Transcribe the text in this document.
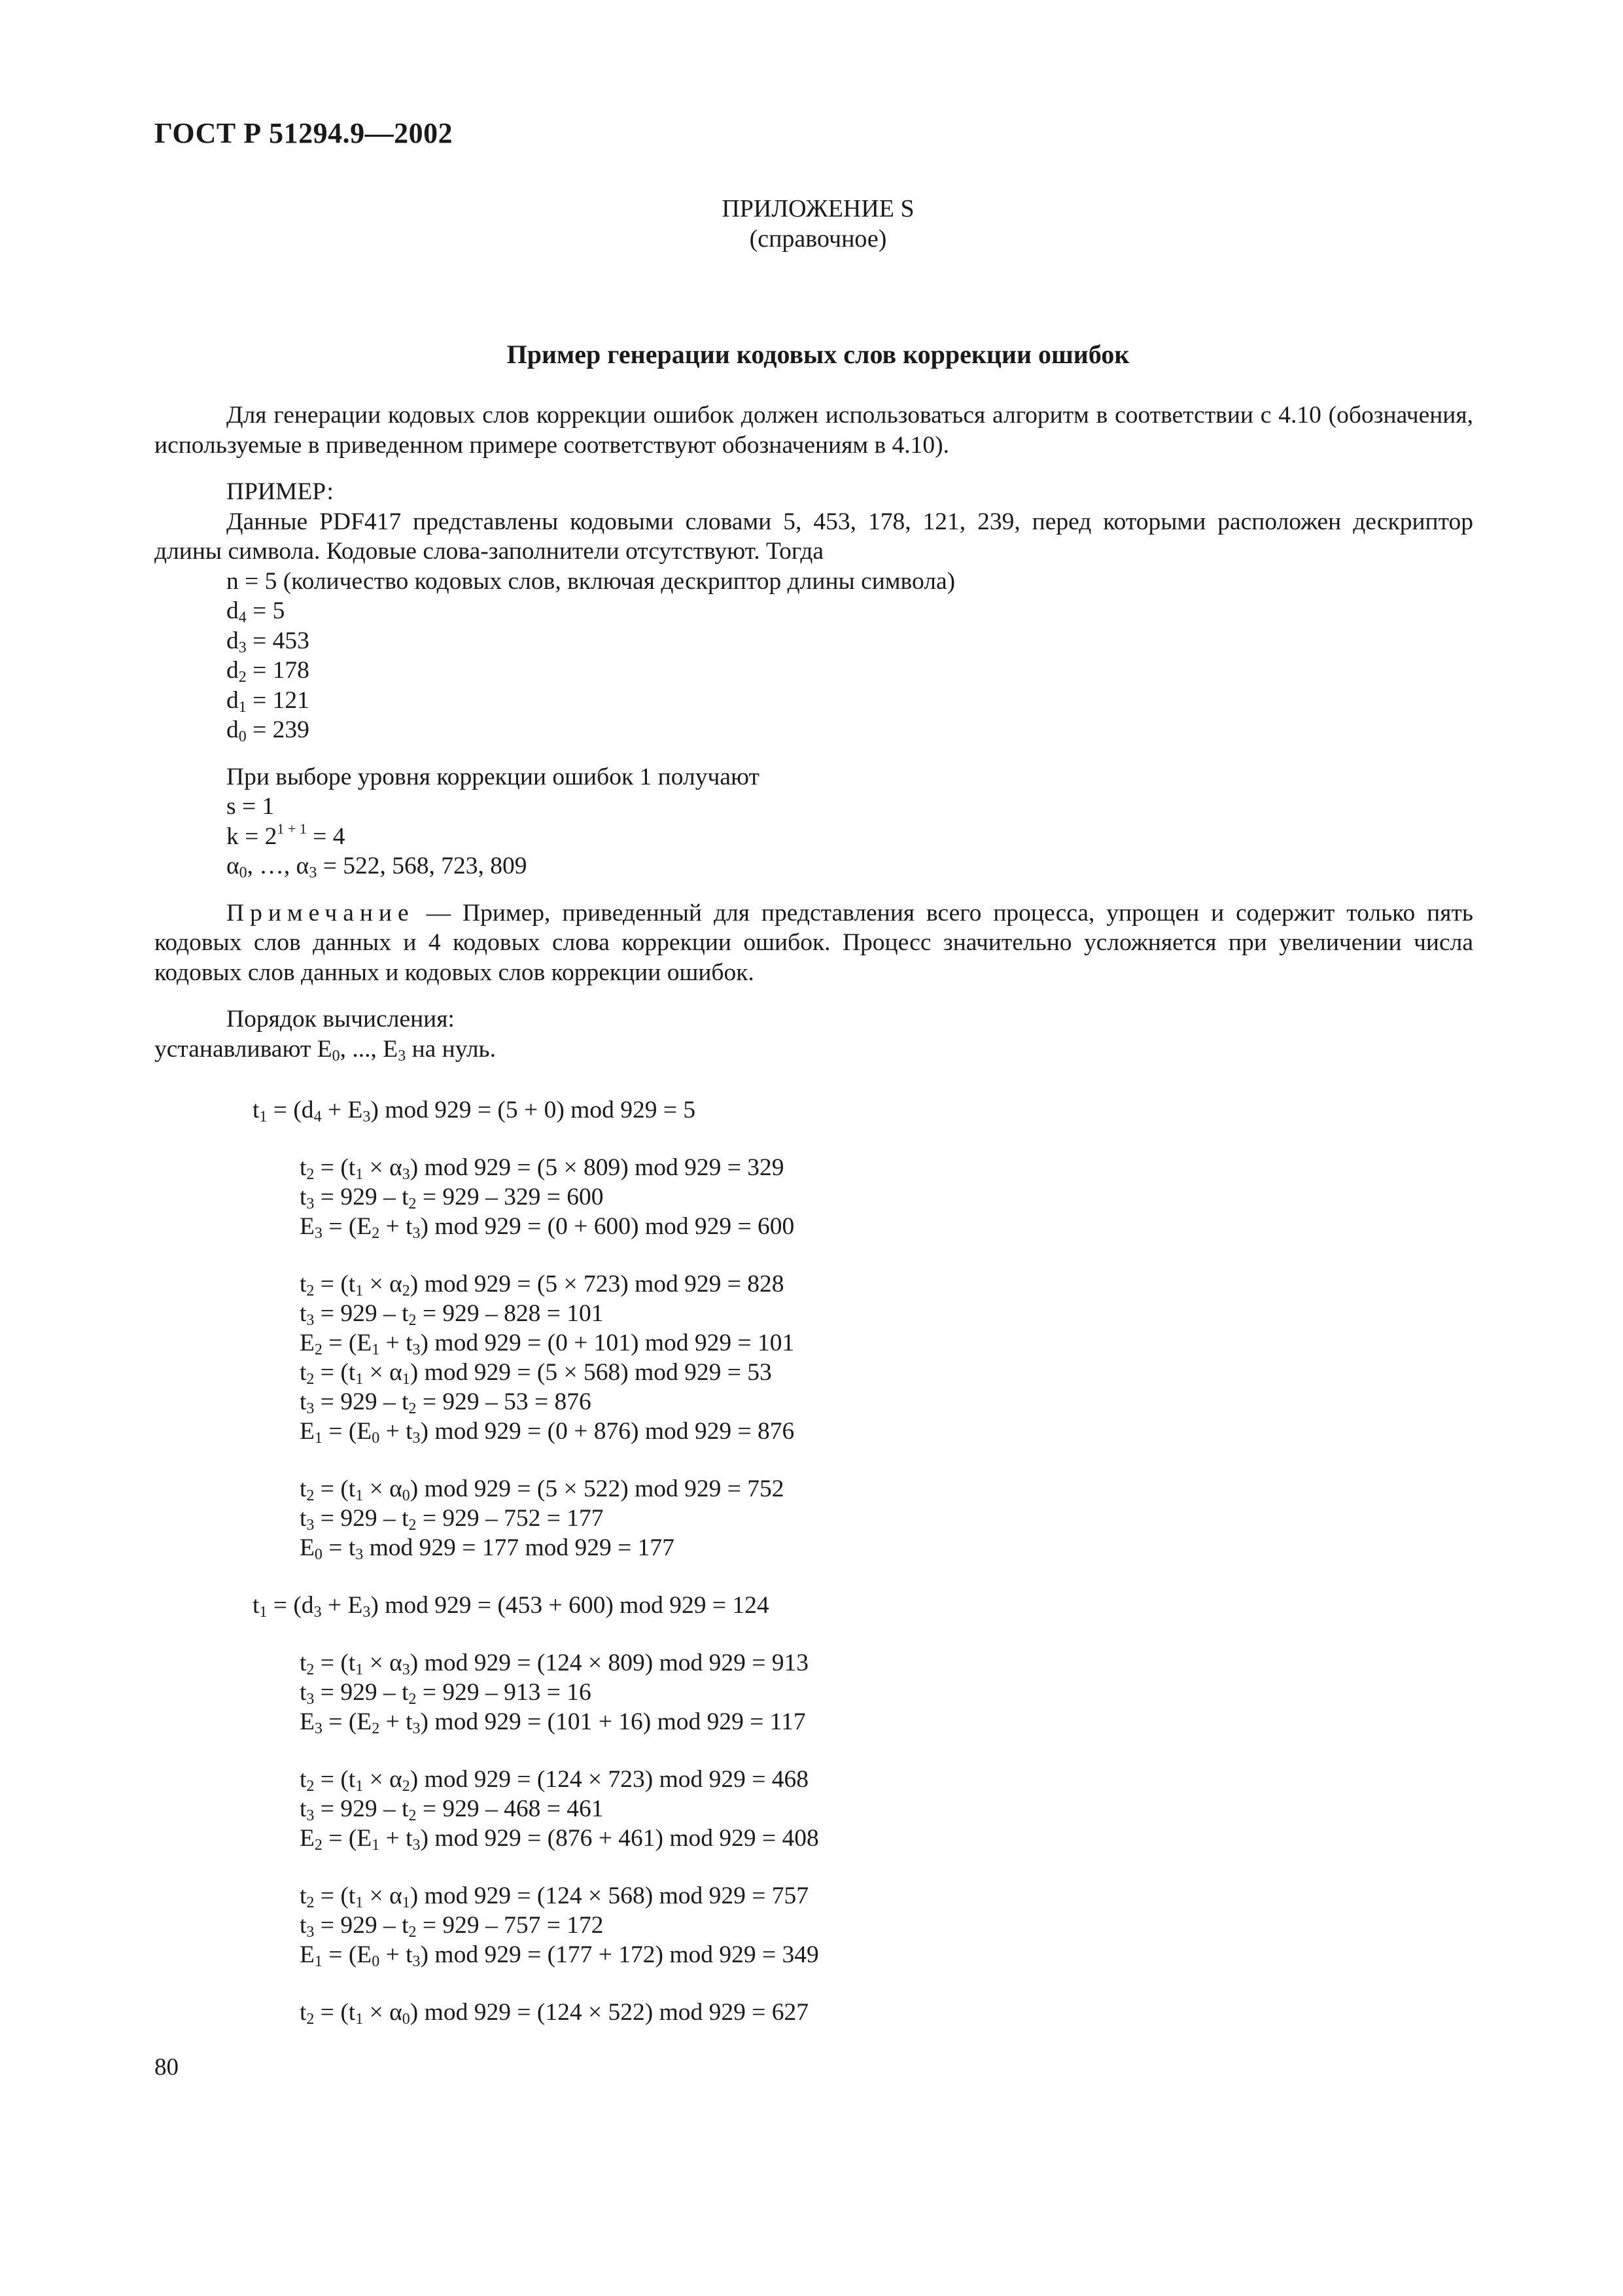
ГОСТ Р 51294.9—2002
ПРИЛОЖЕНИЕ S
(справочное)
Пример генерации кодовых слов коррекции ошибок

Для генерации кодовых слов коррекции ошибок должен использоваться алгоритм в соответствии с 4.10 (обозначения, используемые в приведенном примере соответствуют обозначениям в 4.10).

ПРИМЕР:

Данные PDF417 представлены кодовыми словами 5, 453, 178, 121, 239, перед которыми расположен дескриптор длины символа. Кодовые слова-заполнители отсутствуют. Тогда

n = 5 (количество кодовых слов, включая дескриптор длины символа)

$d_4 = 5$

$d_3 = 453$

$d_2 = 178$

$d_1 = 121$

$d_0 = 239$

При выборе уровня коррекции ошибок 1 получают

s = 1

$k = 2^{1 + 1} = 4$

$\alpha_0$, …, $\alpha_3 = 522$, 568, 723, 809

Примечание — Пример, приведенный для представления всего процесса, упрощен и содержит только пять кодовых слов данных и 4 кодовых слова коррекции ошибок. Процесс значительно усложняется при увеличении числа кодовых слов данных и кодовых слов коррекции ошибок.

Порядок вычисления:

устанавливают $E_0$, ..., $E_3$ на нуль.

$t_1 = (d_4 + E_3)$ mod 929 = (5 + 0) mod 929 = 5
$t_2 = (t_1 \times \alpha_3)$ mod 929 = (5 × 809) mod 929 = 329
$t_3 = 929 - t_2 = 929 - 329 = 600$
$E_3 = (E_2 + t_3)$ mod 929 = (0 + 600) mod 929 = 600
$t_2 = (t_1 \times \alpha_2)$ mod 929 = (5 × 723) mod 929 = 828
$t_3 = 929 - t_2 = 929 - 828 = 101$
$E_2 = (E_1 + t_3)$ mod 929 = (0 + 101) mod 929 = 101
$t_2 = (t_1 \times \alpha_1)$ mod 929 = (5 × 568) mod 929 = 53
$t_3 = 929 - t_2 = 929 - 53 = 876$
$E_1 = (E_0 + t_3)$ mod 929 = (0 + 876) mod 929 = 876
$t_2 = (t_1 \times \alpha_0)$ mod 929 = (5 × 522) mod 929 = 752
$t_3 = 929 - t_2 = 929 - 752 = 177$
$E_0 = t_3$ mod 929 = 177 mod 929 = 177
$t_1 = (d_3 + E_3)$ mod 929 = (453 + 600) mod 929 = 124
$t_2 = (t_1 \times \alpha_3)$ mod 929 = (124 × 809) mod 929 = 913
$t_3 = 929 - t_2 = 929 - 913 = 16$
$E_3 = (E_2 + t_3)$ mod 929 = (101 + 16) mod 929 = 117
$t_2 = (t_1 \times \alpha_2)$ mod 929 = (124 × 723) mod 929 = 468
$t_3 = 929 - t_2 = 929 - 468 = 461$
$E_2 = (E_1 + t_3)$ mod 929 = (876 + 461) mod 929 = 408
$t_2 = (t_1 \times \alpha_1)$ mod 929 = (124 × 568) mod 929 = 757
$t_3 = 929 - t_2 = 929 - 757 = 172$
$E_1 = (E_0 + t_3)$ mod 929 = (177 + 172) mod 929 = 349
$t_2 = (t_1 \times \alpha_0)$ mod 929 = (124 × 522) mod 929 = 627
80
